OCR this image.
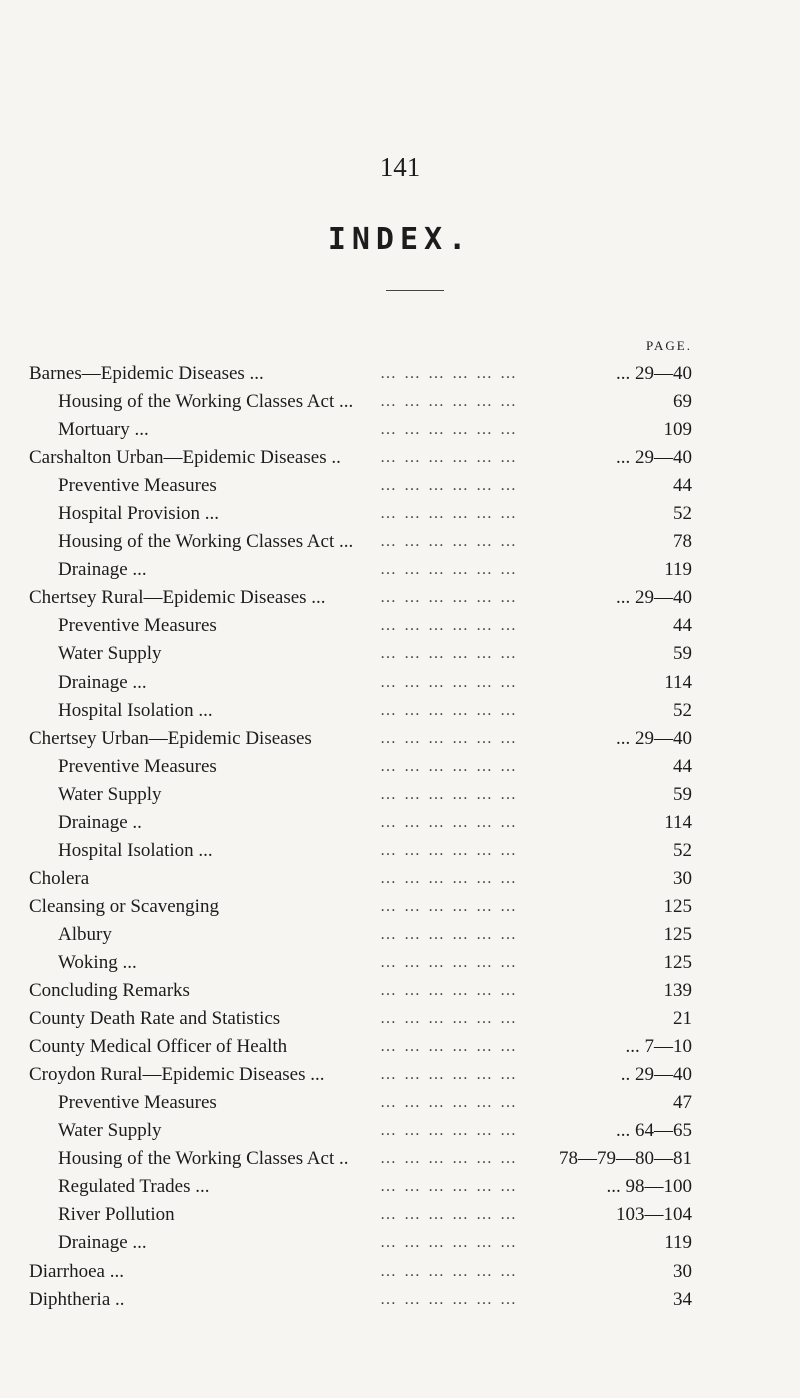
141
INDEX.
PAGE.
Barnes—Epidemic Diseases ...	… … … … … …	... 29—40
Housing of the Working Classes Act ... … … … … … …	69
Mortuary ...	… … … … … …	109
Carshalton Urban—Epidemic Diseases .. … … … … … …	... 29—40
Preventive Measures	… … … … … …	44
Hospital Provision ...	… … … … … …	52
Housing of the Working Classes Act ... … … … … … …	78
Drainage ...	… … … … … …	119
Chertsey Rural—Epidemic Diseases ...	… … … … … …	... 29—40
Preventive Measures	… … … … … …	44
Water Supply	… … … … … …	59
Drainage ...	… … … … … …	114
Hospital Isolation ...	… … … … … …	52
Chertsey Urban—Epidemic Diseases	… … … … … …	... 29—40
Preventive Measures	… … … … … …	44
Water Supply	… … … … … …	59
Drainage ..	… … … … … …	114
Hospital Isolation ...	… … … … … …	52
Cholera	… … … … … …	30
Cleansing or Scavenging	… … … … … …	125
Albury	… … … … … …	125
Woking ...	… … … … … …	125
Concluding Remarks	… … … … … …	139
County Death Rate and Statistics	… … … … … …	21
County Medical Officer of Health	… … … … … …	... 7—10
Croydon Rural—Epidemic Diseases ...	… … … … … …	.. 29—40
Preventive Measures	… … … … … …	47
Water Supply	… … … … … …	... 64—65
Housing of the Working Classes Act .. … … … … … …	78—79—80—81
Regulated Trades ...	… … … … … …	... 98—100
River Pollution	… … … … … …	103—104
Drainage ...	… … … … … …	119
Diarrhoea ...	… … … … … …	30
Diphtheria ..	… … … … … …	34
